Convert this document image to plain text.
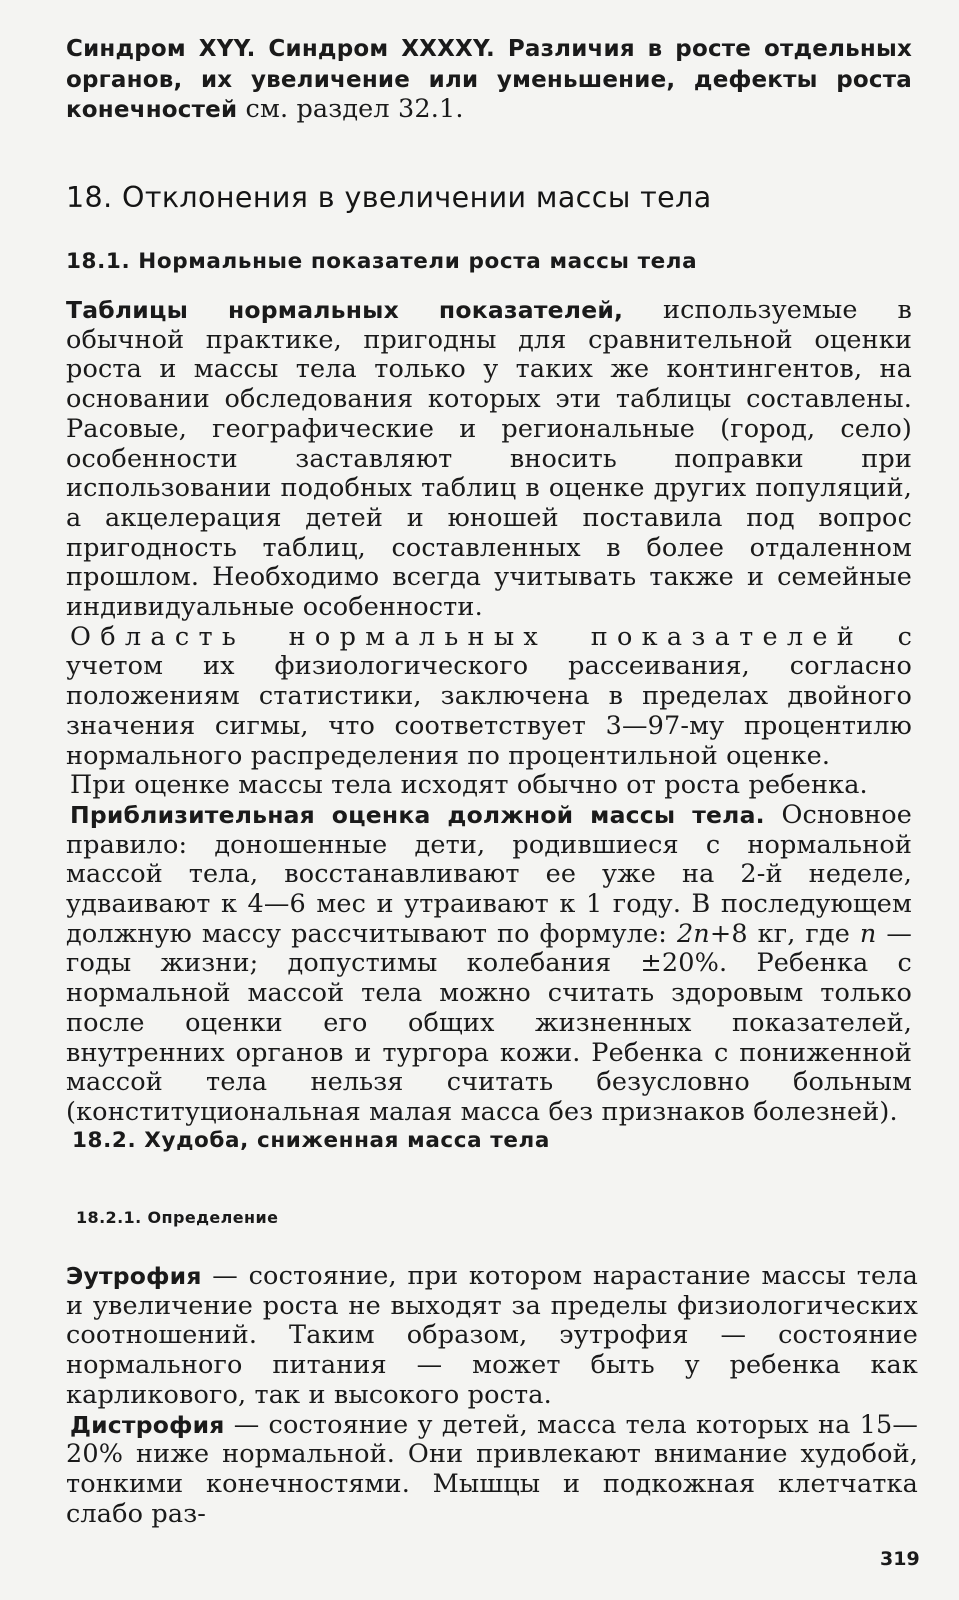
Синдром XYY. Синдром XXXXY. Различия в росте отдельных органов, их увеличение или уменьшение, дефекты роста конечностей см. раздел 32.1.

18. Отклонения в увеличении массы тела
18.1. Нормальные показатели роста массы тела

Таблицы нормальных показателей, используемые в обычной практике, пригодны для сравнительной оценки роста и массы тела только у таких же контингентов, на основании обследования которых эти таблицы составлены. Расовые, географические и региональные (город, село) особенности заставляют вносить поправки при использовании подобных таблиц в оценке других популяций, а акцелерация детей и юношей поставила под вопрос пригодность таблиц, составленных в более отдаленном прошлом. Необходимо всегда учитывать также и семейные индивидуальные особенности.

Область нормальных показателей с учетом их физиологического рассеивания, согласно положениям статистики, заключена в пределах двойного значения сигмы, что соответствует 3—97-му процентилю нормального распределения по процентильной оценке.

При оценке массы тела исходят обычно от роста ребенка.

Приблизительная оценка должной массы тела. Основное правило: доношенные дети, родившиеся с нормальной массой тела, восстанавливают ее уже на 2-й неделе, удваивают к 4—6 мес и утраивают к 1 году. В последующем должную массу рассчитывают по формуле: 2n+8 кг, где n — годы жизни; допустимы колебания ±20%. Ребенка с нормальной массой тела можно считать здоровым только после оценки его общих жизненных показателей, внутренних органов и тургора кожи. Ребенка с пониженной массой тела нельзя считать безусловно больным (конституциональная малая масса без признаков болезней).

18.2. Худоба, сниженная масса тела
18.2.1. Определение

Эутрофия — состояние, при котором нарастание массы тела и увеличение роста не выходят за пределы физиологических соотношений. Таким образом, эутрофия — состояние нормального питания — может быть у ребенка как карликового, так и высокого роста.

Дистрофия — состояние у детей, масса тела которых на 15—20% ниже нормальной. Они привлекают внимание худобой, тонкими конечностями. Мышцы и подкожная клетчатка слабо раз-

319
